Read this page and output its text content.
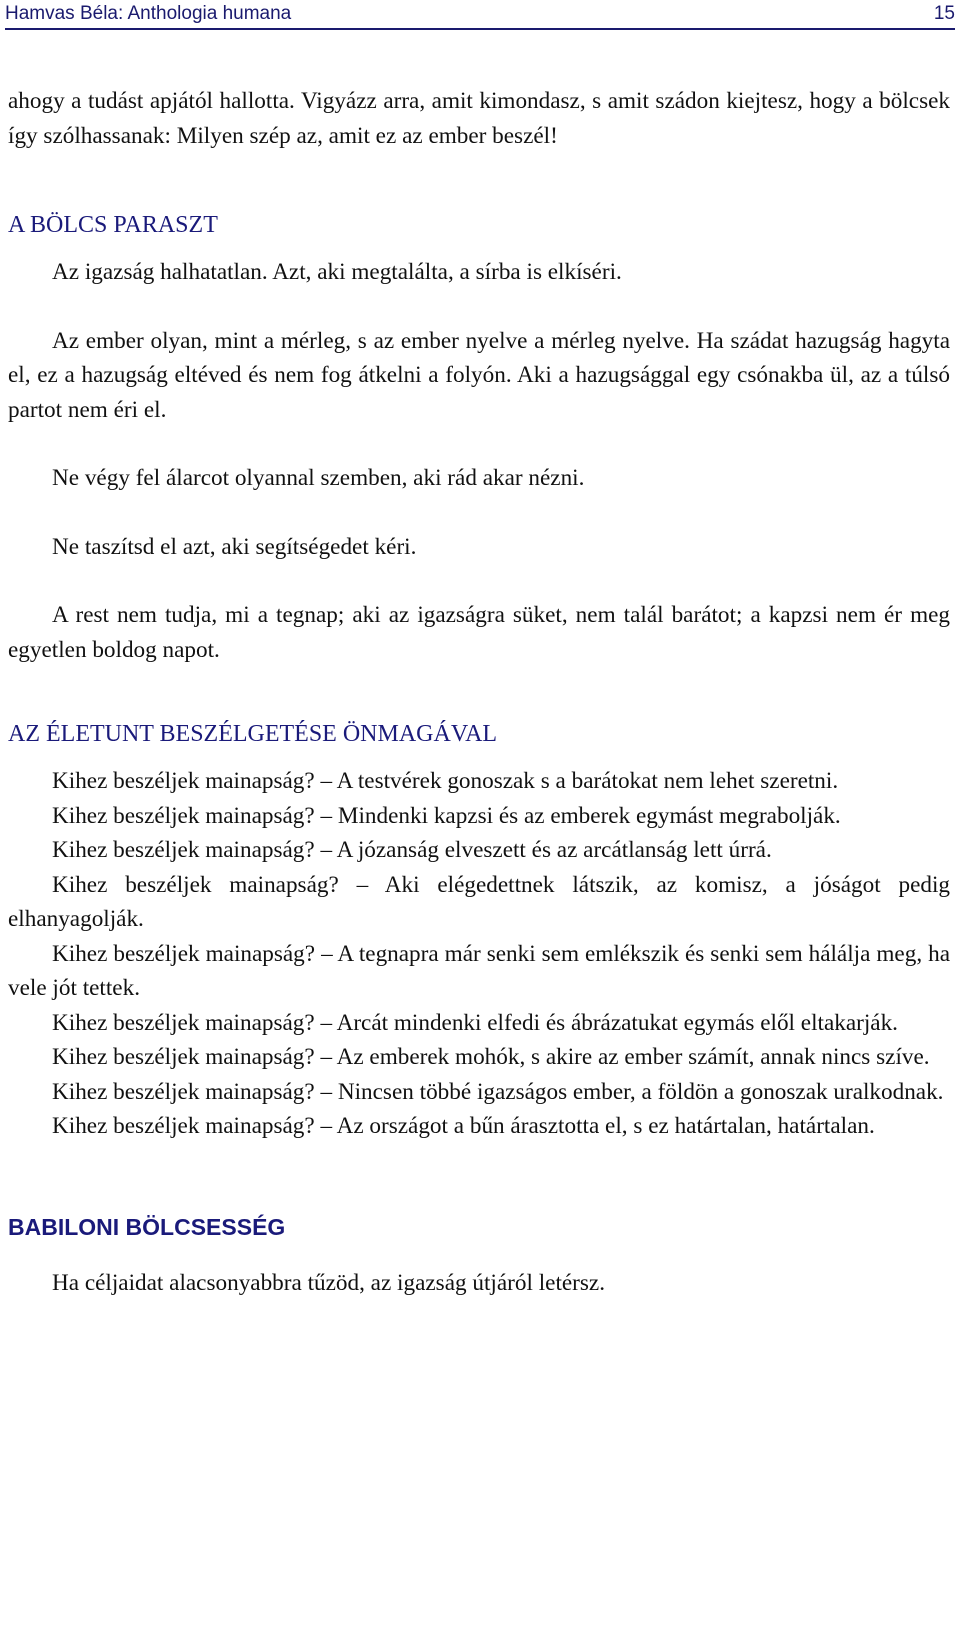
Hamvas Béla: Anthologia humana	15

ahogy a tudást apjától hallotta. Vigyázz arra, amit kimondasz, s amit szádon kiejtesz, hogy a bölcsek így szólhassanak: Milyen szép az, amit ez az ember beszél!

A BÖLCS PARASZT

Az igazság halhatatlan. Azt, aki megtalálta, a sírba is elkíséri.

Az ember olyan, mint a mérleg, s az ember nyelve a mérleg nyelve. Ha szádat hazugság hagyta el, ez a hazugság eltéved és nem fog átkelni a folyón. Aki a hazugsággal egy csónakba ül, az a túlsó partot nem éri el.

Ne végy fel álarcot olyannal szemben, aki rád akar nézni.

Ne taszítsd el azt, aki segítségedet kéri.

A rest nem tudja, mi a tegnap; aki az igazságra süket, nem talál barátot; a kapzsi nem ér meg egyetlen boldog napot.

AZ ÉLETUNT BESZÉLGETÉSE ÖNMAGÁVAL

Kihez beszéljek mainapság? – A testvérek gonoszak s a barátokat nem lehet szeretni.

Kihez beszéljek mainapság? – Mindenki kapzsi és az emberek egymást megrabolják.

Kihez beszéljek mainapság? – A józanság elveszett és az arcátlanság lett úrrá.

Kihez beszéljek mainapság? – Aki elégedettnek látszik, az komisz, a jóságot pedig elhanyagolják.

Kihez beszéljek mainapság? – A tegnapra már senki sem emlékszik és senki sem hálálja meg, ha vele jót tettek.

Kihez beszéljek mainapság? – Arcát mindenki elfedi és ábrázatukat egymás elől eltakarják.

Kihez beszéljek mainapság? – Az emberek mohók, s akire az ember számít, annak nincs szíve.

Kihez beszéljek mainapság? – Nincsen többé igazságos ember, a földön a gonoszak uralkodnak.

Kihez beszéljek mainapság? – Az országot a bűn árasztotta el, s ez határtalan, határtalan.

BABILONI BÖLCSESSÉG

Ha céljaidat alacsonyabbra tűzöd, az igazság útjáról letérsz.
